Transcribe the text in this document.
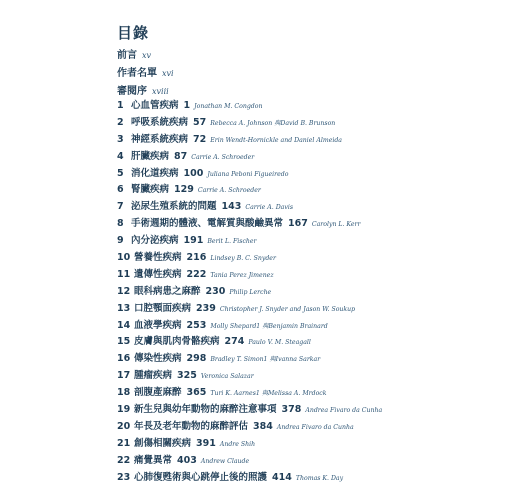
目錄
前言 xv
作者名單 xvi
審閱序 xviii
1 心血管疾病 1 Jonathan M. Congdon
2 呼吸系統疾病 57 Rebecca A. Johnson 與David B. Brunson
3 神經系統疾病 72 Erin Wendt-Hornickle and Daniel Almeida
4 肝臟疾病 87 Carrie A. Schroeder
5 消化道疾病 100 Juliana Peboni Figueiredo
6 腎臟疾病 129 Carrie A. Schroeder
7 泌尿生殖系統的問題 143 Carrie A. Davis
8 手術週期的體液、電解質與酸鹼異常 167 Carolyn L. Kerr
9 內分泌疾病 191 Berit L. Fischer
10 營養性疾病 216 Lindsey B. C. Snyder
11 遺傳性疾病 222 Tania Perez Jimenez
12 眼科病患之麻醉 230 Philip Lerche
13 口腔顎面疾病 239 Christopher J. Snyder and Jason W. Soukup
14 血液學疾病 253 Molly Shepard1 與Benjamin Brainard
15 皮膚與肌肉骨骼疾病 274 Paulo V. M. Steagall
16 傳染性疾病 298 Bradley T. Simon1 與Ivanna Sarkar
17 腫瘤疾病 325 Veronica Salazar
18 剖腹產麻醉 365 Turi K. Aarnes1 與Melissa A. Mrdock
19 新生兒與幼年動物的麻醉注意事項 378 Andrea Fivaro da Cunha
20 年長及老年動物的麻醉評估 384 Andrea Fivaro da Cunha
21 創傷相關疾病 391 Andre Shih
22 痛覺異常 403 Andrew Claude
23 心肺復甦術與心跳停止後的照護 414 Thomas K. Day
